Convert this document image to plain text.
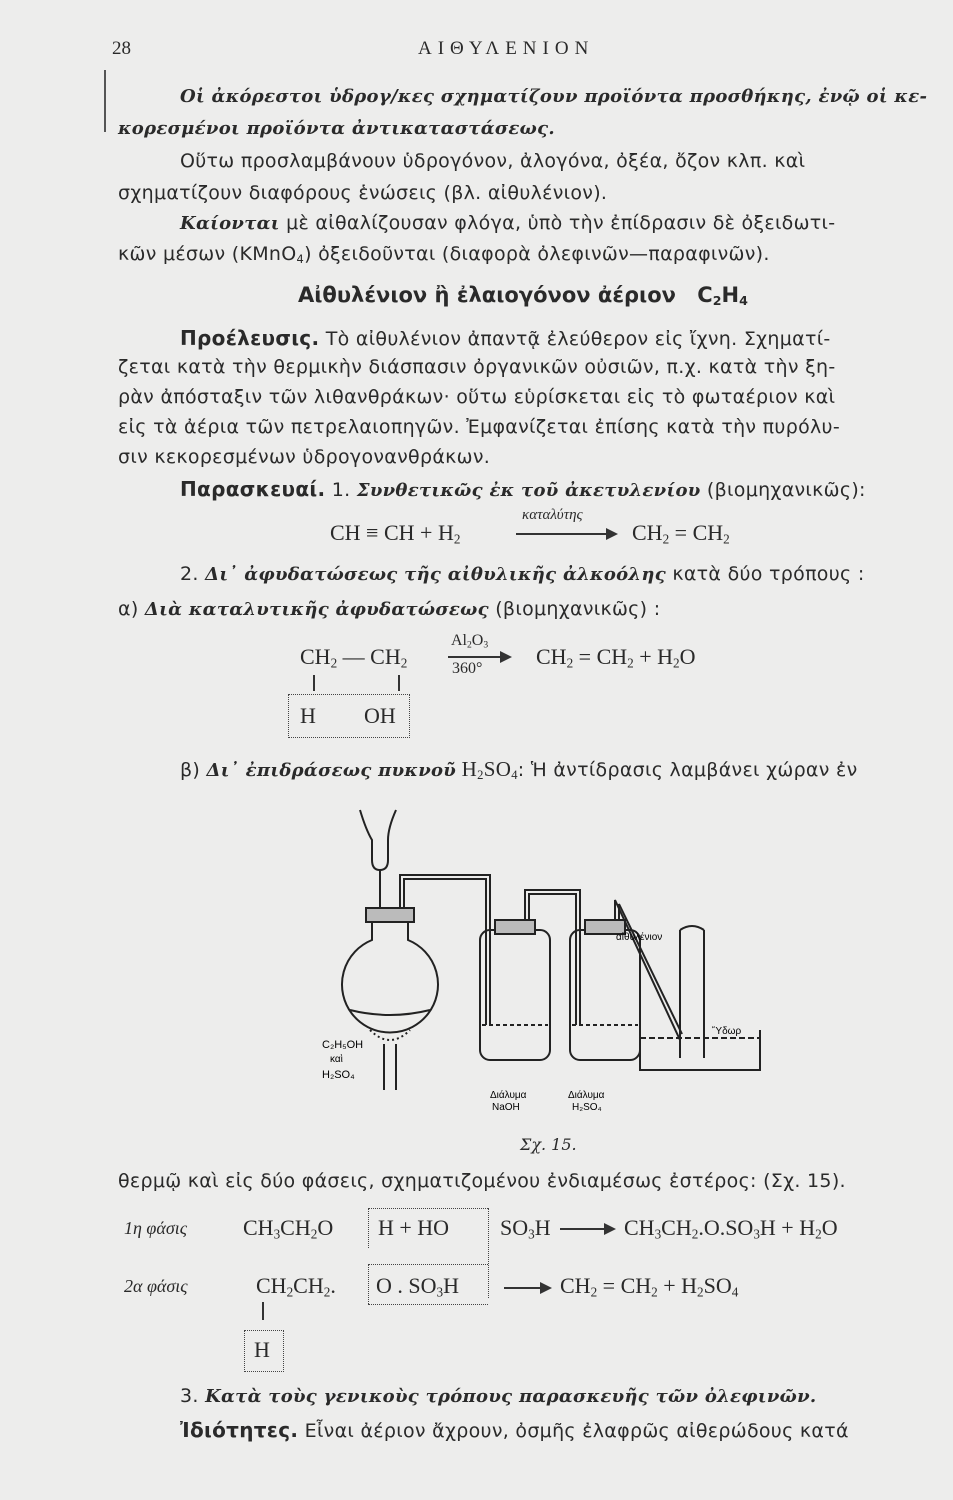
28	ΑΙΘΥΛΕΝΙΟΝ
Οἱ ἀκόρεστοι ὑδρογ/κες σχηματίζουν προϊόντα προσθήκης, ἐνῷ οἱ κε-
κορεσμένοι προϊόντα ἀντικαταστάσεως.
Οὕτω προσλαμβάνουν ὑδρογόνον, ἀλογόνα, ὀξέα, ὄζον κλπ. καὶ
σχηματίζουν διαφόρους ἑνώσεις (βλ. αἰθυλένιον).
Καίονται μὲ αἰθαλίζουσαν φλόγα, ὑπὸ τὴν ἐπίδρασιν δὲ ὀξειδωτι-
κῶν μέσων (KMnO$_4$) ὀξειδοῦνται (διαφορὰ ὀλεφινῶν—παραφινῶν).
Αἰθυλένιον ἢ ἐλαιογόνον ἀέριον $C_2H_4$
Προέλευσις. Τὸ αἰθυλένιον ἀπαντᾷ ἐλεύθερον εἰς ἴχνη. Σχηματί-
ζεται κατὰ τὴν θερμικὴν διάσπασιν ὀργανικῶν οὐσιῶν, π.χ. κατὰ τὴν ξη-
ρὰν ἀπόσταξιν τῶν λιθανθράκων· οὕτω εὑρίσκεται εἰς τὸ φωταέριον καὶ
εἰς τὰ ἀέρια τῶν πετρελαιοπηγῶν. Ἐμφανίζεται ἐπίσης κατὰ τὴν πυρόλυ-
σιν κεκορεσμένων ὑδρογονανθράκων.
Παρασκευαί. 1. Συνθετικῶς ἐκ τοῦ ἀκετυλενίου (βιομηχανικῶς):
CH ≡ CH + $H_2$
καταλύτης
$CH_2 = CH_2$
2. Δι᾽ ἀφυδατώσεως τῆς αἰθυλικῆς ἀλκοόλης κατὰ δύο τρόπους :
α) Διὰ καταλυτικῆς ἀφυδατώσεως (βιομηχανικῶς) :
$CH_2$ — $CH_2$
$Al_2O_3$
360° $CH_2 = CH_2 + H_2O$
H OH
β) Δι᾽ ἐπιδράσεως πυκνοῦ $H_2SO_4$: Ἡ ἀντίδρασις λαμβάνει χώραν ἐν
C₂H₅OH
καὶ
H₂SO₄
Διάλυμα
NaOH
Διάλυμα
H₂SO₄
αἰθυλένιον
Ὕδωρ
Σχ. 15.
θερμῷ καὶ εἰς δύο φάσεις, σχηματιζομένου ἐνδιαμέσως ἐστέρος: (Σχ. 15).
1η φάσις	$CH_3CH_2O$ H + HO $SO_3H$	$CH_3CH_2.O.SO_3H + H_2O$
2α φάσις	$CH_2CH_2$. O . $SO_3H$	$CH_2 = CH_2 + H_2SO_4$
H
3. Κατὰ τοὺς γενικοὺς τρόπους παρασκευῆς τῶν ὀλεφινῶν.
Ἰδιότητες. Εἶναι ἀέριον ἄχρουν, ὀσμῆς ἐλαφρῶς αἰθερώδους κατά
